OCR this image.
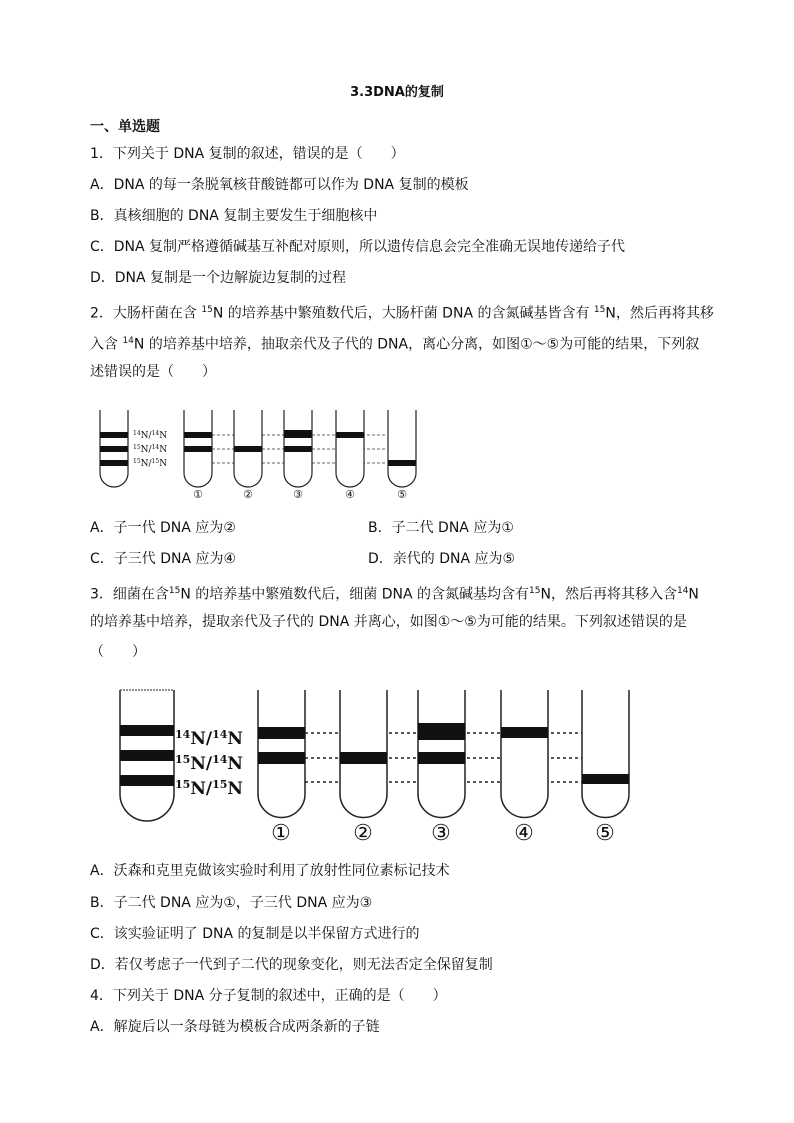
3.3DNA的复制
一、单选题
1．下列关于 DNA 复制的叙述，错误的是（　　）
A．DNA 的每一条脱氧核苷酸链都可以作为 DNA 复制的模板
B．真核细胞的 DNA 复制主要发生于细胞核中
C．DNA 复制严格遵循碱基互补配对原则，所以遗传信息会完全准确无误地传递给子代
D．DNA 复制是一个边解旋边复制的过程
2．大肠杆菌在含 $^{15}$N 的培养基中繁殖数代后，大肠杆菌 DNA 的含氮碱基皆含有 $^{15}$N，然后再将其移
入含 $^{14}$N 的培养基中培养，抽取亲代及子代的 DNA，离心分离，如图①～⑤为可能的结果，下列叙
述错误的是（　　）
$^{14}$N/$^{14}$N
$^{15}$N/$^{14}$N
$^{15}$N/$^{15}$N
①	②	③	④	⑤
A．子一代 DNA 应为②	B．子二代 DNA 应为①
C．子三代 DNA 应为④	D．亲代的 DNA 应为⑤
3．细菌在含$^{15}$N 的培养基中繁殖数代后，细菌 DNA 的含氮碱基均含有$^{15}$N，然后再将其移入含$^{14}$N
的培养基中培养，提取亲代及子代的 DNA 并离心，如图①～⑤为可能的结果。下列叙述错误的是
（　　）
$^{14}$N/$^{14}$N
$^{15}$N/$^{14}$N
$^{15}$N/$^{15}$N
①	②	③	④	⑤
A．沃森和克里克做该实验时利用了放射性同位素标记技术
B．子二代 DNA 应为①，子三代 DNA 应为③
C．该实验证明了 DNA 的复制是以半保留方式进行的
D．若仅考虑子一代到子二代的现象变化，则无法否定全保留复制
4．下列关于 DNA 分子复制的叙述中，正确的是（　　）
A．解旋后以一条母链为模板合成两条新的子链
